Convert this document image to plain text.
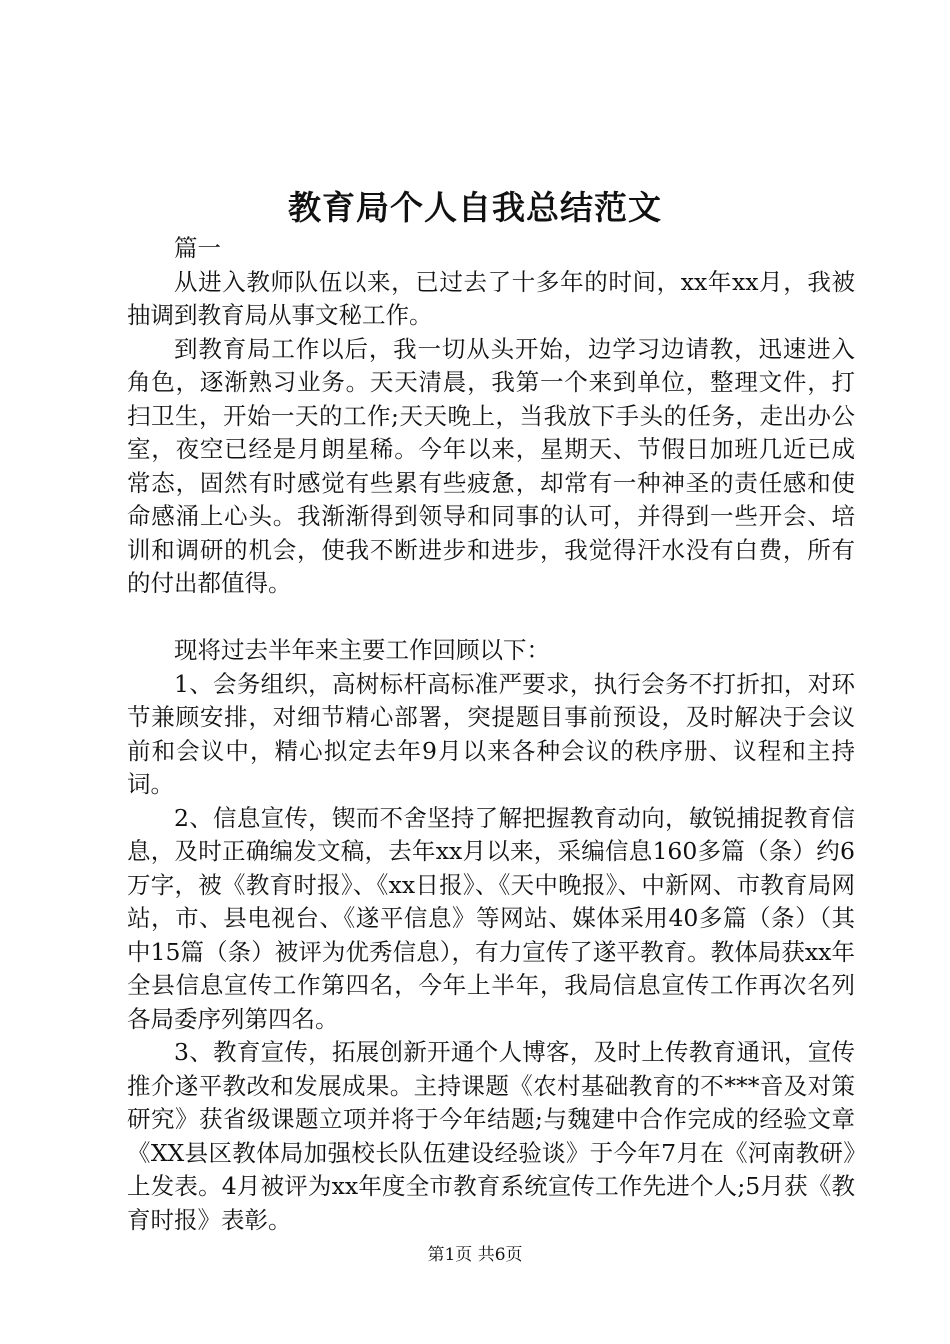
教育局个人自我总结范文

篇一

从进入教师队伍以来，已过去了十多年的时间，xx年xx月，我被抽调到教育局从事文秘工作。

到教育局工作以后，我一切从头开始，边学习边请教，迅速进入角色，逐渐熟习业务。天天清晨，我第一个来到单位，整理文件，打扫卫生，开始一天的工作;天天晚上，当我放下手头的任务，走出办公室，夜空已经是月朗星稀。今年以来，星期天、节假日加班几近已成常态，固然有时感觉有些累有些疲惫，却常有一种神圣的责任感和使命感涌上心头。我渐渐得到领导和同事的认可，并得到一些开会、培训和调研的机会，使我不断进步和进步，我觉得汗水没有白费，所有的付出都值得。

现将过去半年来主要工作回顾以下：

1、会务组织，高树标杆高标准严要求，执行会务不打折扣，对环节兼顾安排，对细节精心部署，突提题目事前预设，及时解决于会议前和会议中，精心拟定去年9月以来各种会议的秩序册、议程和主持词。

2、信息宣传，锲而不舍坚持了解把握教育动向，敏锐捕捉教育信息，及时正确编发文稿，去年xx月以来，采编信息160多篇（条）约6万字，被《教育时报》、《xx日报》、《天中晚报》、中新网、市教育局网站，市、县电视台、《遂平信息》等网站、媒体采用40多篇（条）（其中15篇（条）被评为优秀信息），有力宣传了遂平教育。教体局获xx年全县信息宣传工作第四名，今年上半年，我局信息宣传工作再次名列各局委序列第四名。

3、教育宣传，拓展创新开通个人博客，及时上传教育通讯，宣传推介遂平教改和发展成果。主持课题《农村基础教育的不***音及对策研究》获省级课题立项并将于今年结题;与魏建中合作完成的经验文章《XX县区教体局加强校长队伍建设经验谈》于今年7月在《河南教研》上发表。4月被评为xx年度全市教育系统宣传工作先进个人;5月获《教育时报》表彰。

第1页 共6页
